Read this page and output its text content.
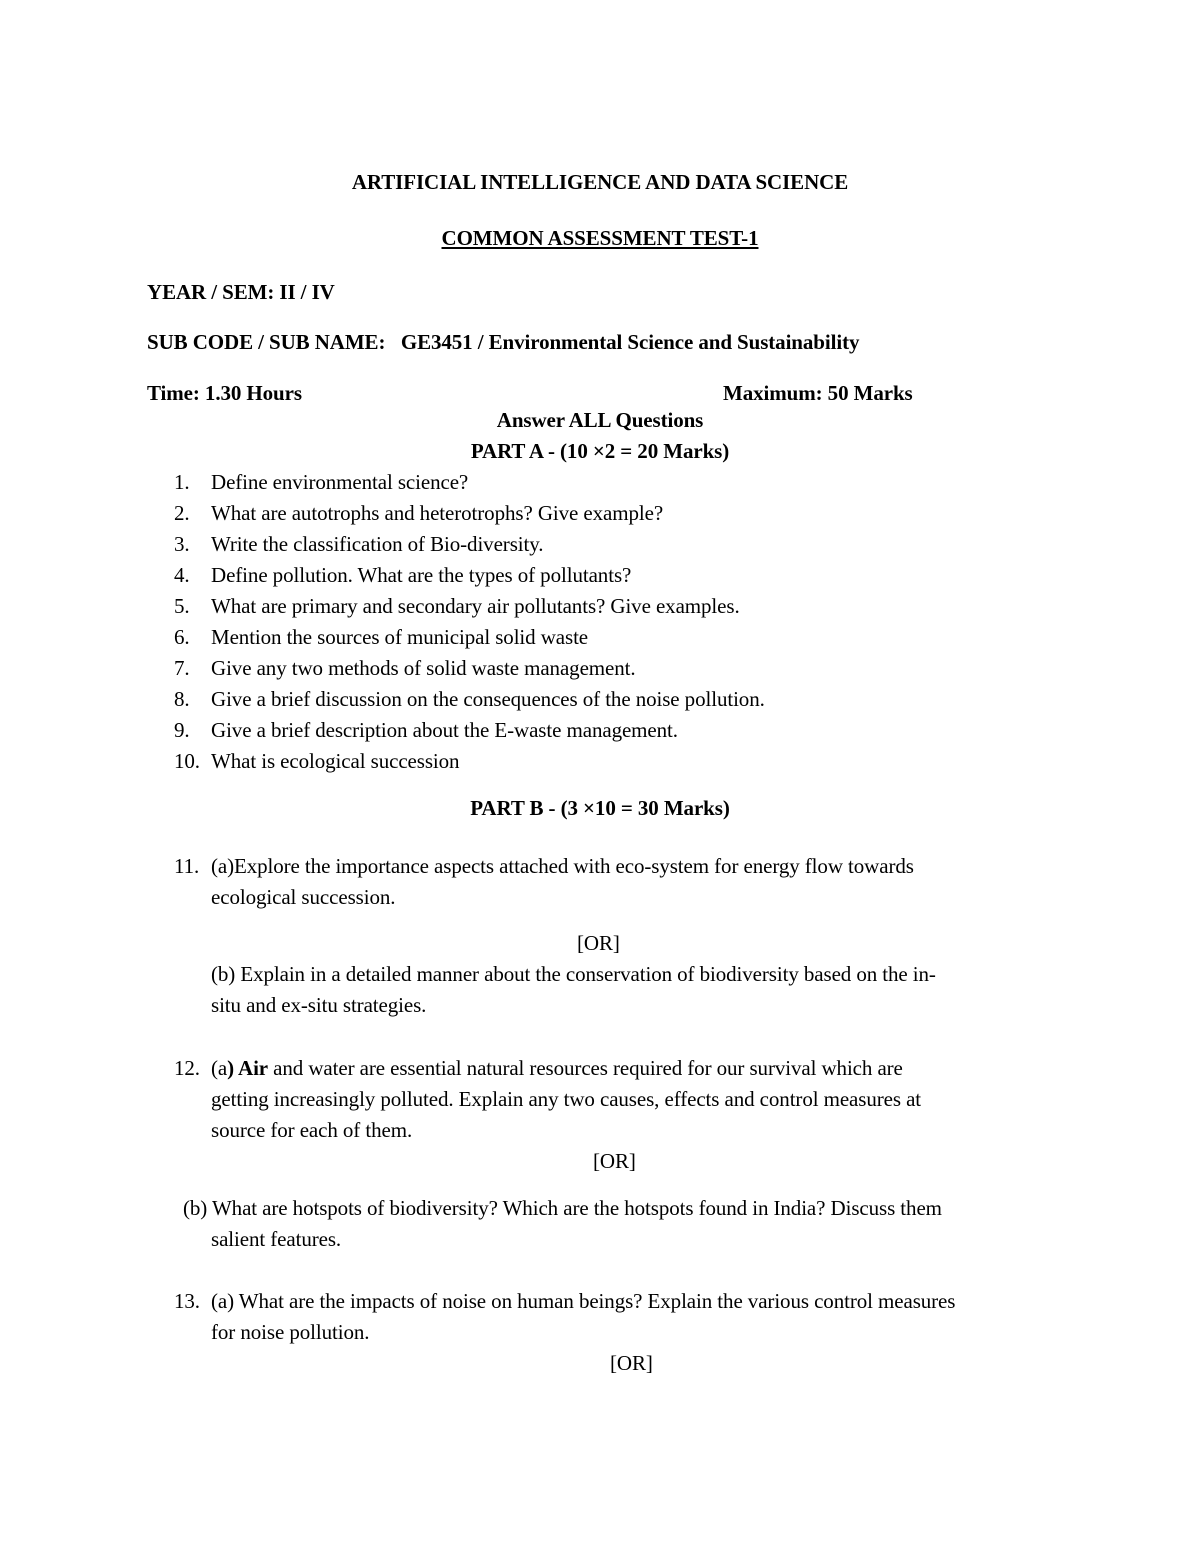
ARTIFICIAL INTELLIGENCE AND DATA SCIENCE
COMMON ASSESSMENT TEST-1
YEAR / SEM: II / IV
SUB CODE / SUB NAME: GE3451 / Environmental Science and Sustainability
Time: 1.30 Hours	Maximum: 50 Marks
Answer ALL Questions
PART A - (10 ×2 = 20 Marks)
1. Define environmental science?
2. What are autotrophs and heterotrophs? Give example?
3. Write the classification of Bio-diversity.
4. Define pollution. What are the types of pollutants?
5. What are primary and secondary air pollutants? Give examples.
6. Mention the sources of municipal solid waste
7. Give any two methods of solid waste management.
8. Give a brief discussion on the consequences of the noise pollution.
9. Give a brief description about the E-waste management.
10. What is ecological succession
PART B - (3 ×10 = 30 Marks)
11. (a)Explore the importance aspects attached with eco-system for energy flow towards
ecological succession.
[OR]
(b) Explain in a detailed manner about the conservation of biodiversity based on the in-
situ and ex-situ strategies.
12. (a) Air and water are essential natural resources required for our survival which are
getting increasingly polluted. Explain any two causes, effects and control measures at
source for each of them.
[OR]
(b) What are hotspots of biodiversity? Which are the hotspots found in India? Discuss them
salient features.
13. (a) What are the impacts of noise on human beings? Explain the various control measures
for noise pollution.
[OR]
